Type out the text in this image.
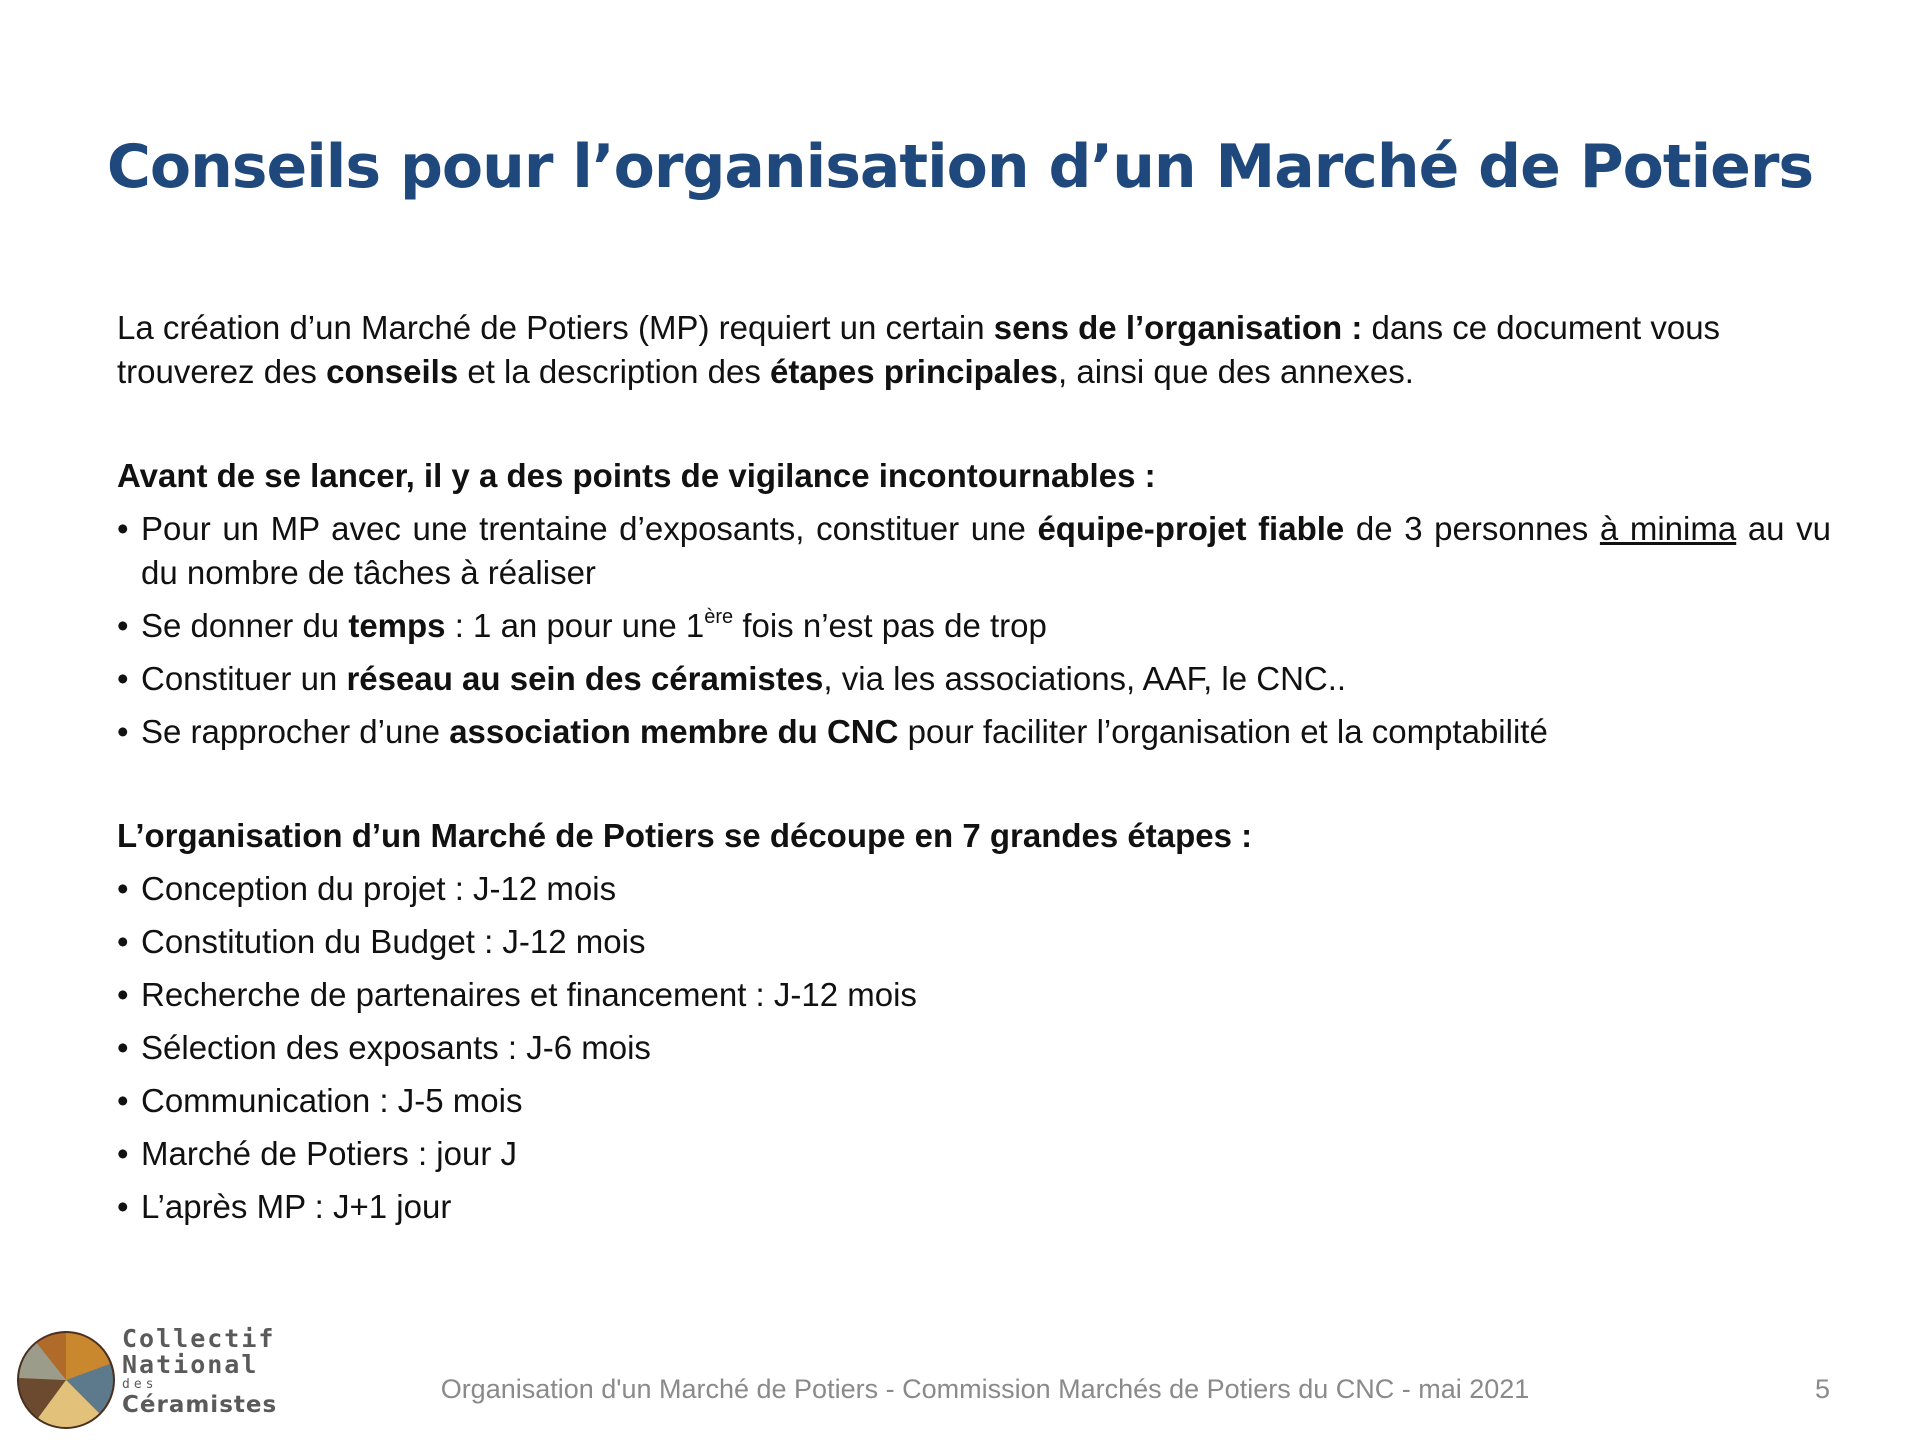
Conseils pour l’organisation d’un Marché de Potiers

La création d’un Marché de Potiers (MP) requiert un certain sens de l’organisation : dans ce document vous trouverez des conseils et la description des étapes principales, ainsi que des annexes.

Avant de se lancer, il y a des points de vigilance incontournables :

• Pour un MP avec une trentaine d’exposants, constituer une équipe-projet fiable de 3 personnes à minima au vu du nombre de tâches à réaliser
• Se donner du temps : 1 an pour une 1ère fois n’est pas de trop
• Constituer un réseau au sein des céramistes, via les associations, AAF, le CNC..
• Se rapprocher d’une association membre du CNC pour faciliter l’organisation et la comptabilité

L’organisation d’un Marché de Potiers se découpe en 7 grandes étapes :

• Conception du projet : J-12 mois
• Constitution du Budget : J-12 mois
• Recherche de partenaires et financement : J-12 mois
• Sélection des exposants : J-6 mois
• Communication : J-5 mois
• Marché de Potiers : jour J
• L’après MP : J+1 jour
Collectif
National
des
Céramistes
Organisation d'un Marché de Potiers - Commission Marchés de Potiers du CNC - mai 2021	5
